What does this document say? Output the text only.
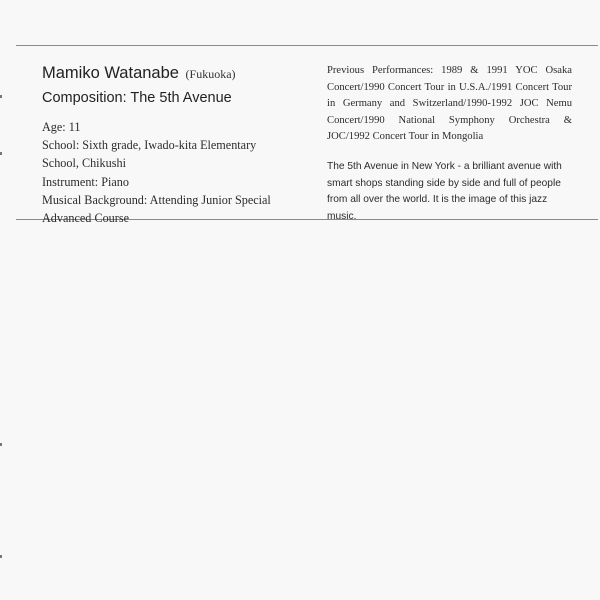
Mamiko Watanabe (Fukuoka)

Composition: The 5th Avenue

Age: 11
School: Sixth grade, Iwado-kita Elementary
School, Chikushi
Instrument: Piano
Musical Background: Attending Junior Special
Advanced Course

Previous Performances: 1989 & 1991 YOC Osaka Concert/1990 Concert Tour in U.S.A./1991 Concert Tour in Germany and Switzerland/1990-1992 JOC Nemu Concert/1990 National Symphony Orchestra & JOC/1992 Concert Tour in Mongolia

The 5th Avenue in New York - a brilliant avenue with smart shops standing side by side and full of people from all over the world. It is the image of this jazz music.
